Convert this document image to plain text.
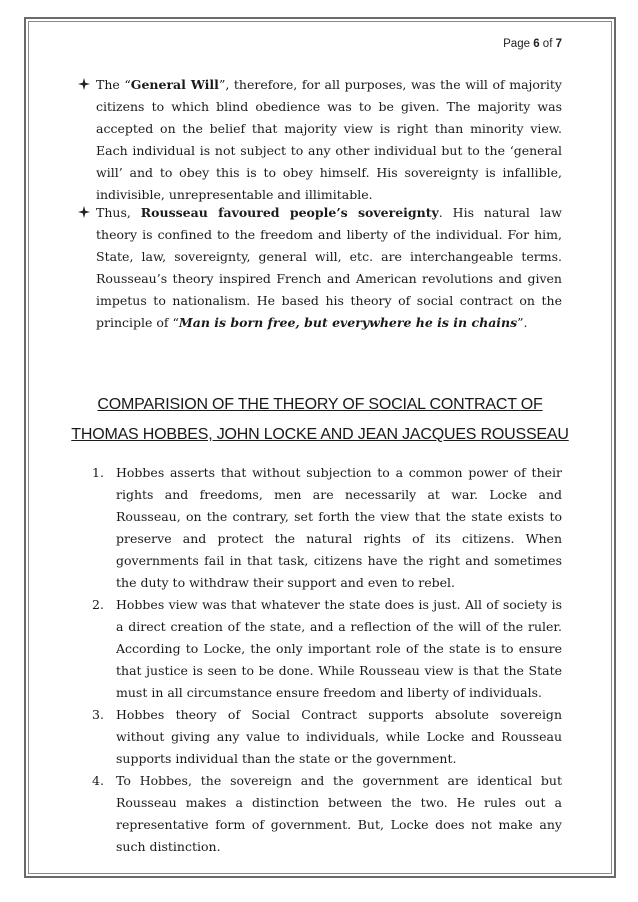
Page 6 of 7
The “General Will”, therefore, for all purposes, was the will of majority citizens to which blind obedience was to be given. The majority was accepted on the belief that majority view is right than minority view. Each individual is not subject to any other individual but to the ‘general will’ and to obey this is to obey himself. His sovereignty is infallible, indivisible, unrepresentable and illimitable.
Thus, Rousseau favoured people’s sovereignty. His natural law theory is confined to the freedom and liberty of the individual. For him, State, law, sovereignty, general will, etc. are interchangeable terms. Rousseau’s theory inspired French and American revolutions and given impetus to nationalism. He based his theory of social contract on the principle of “Man is born free, but everywhere he is in chains”.
COMPARISION OF THE THEORY OF SOCIAL CONTRACT OF
THOMAS HOBBES, JOHN LOCKE AND JEAN JACQUES ROUSSEAU
1. Hobbes asserts that without subjection to a common power of their rights and freedoms, men are necessarily at war. Locke and Rousseau, on the contrary, set forth the view that the state exists to preserve and protect the natural rights of its citizens. When governments fail in that task, citizens have the right and sometimes the duty to withdraw their support and even to rebel.
2. Hobbes view was that whatever the state does is just. All of society is a direct creation of the state, and a reflection of the will of the ruler. According to Locke, the only important role of the state is to ensure that justice is seen to be done. While Rousseau view is that the State must in all circumstance ensure freedom and liberty of individuals.
3. Hobbes theory of Social Contract supports absolute sovereign without giving any value to individuals, while Locke and Rousseau supports individual than the state or the government.
4. To Hobbes, the sovereign and the government are identical but Rousseau makes a distinction between the two. He rules out a representative form of government. But, Locke does not make any such distinction.
